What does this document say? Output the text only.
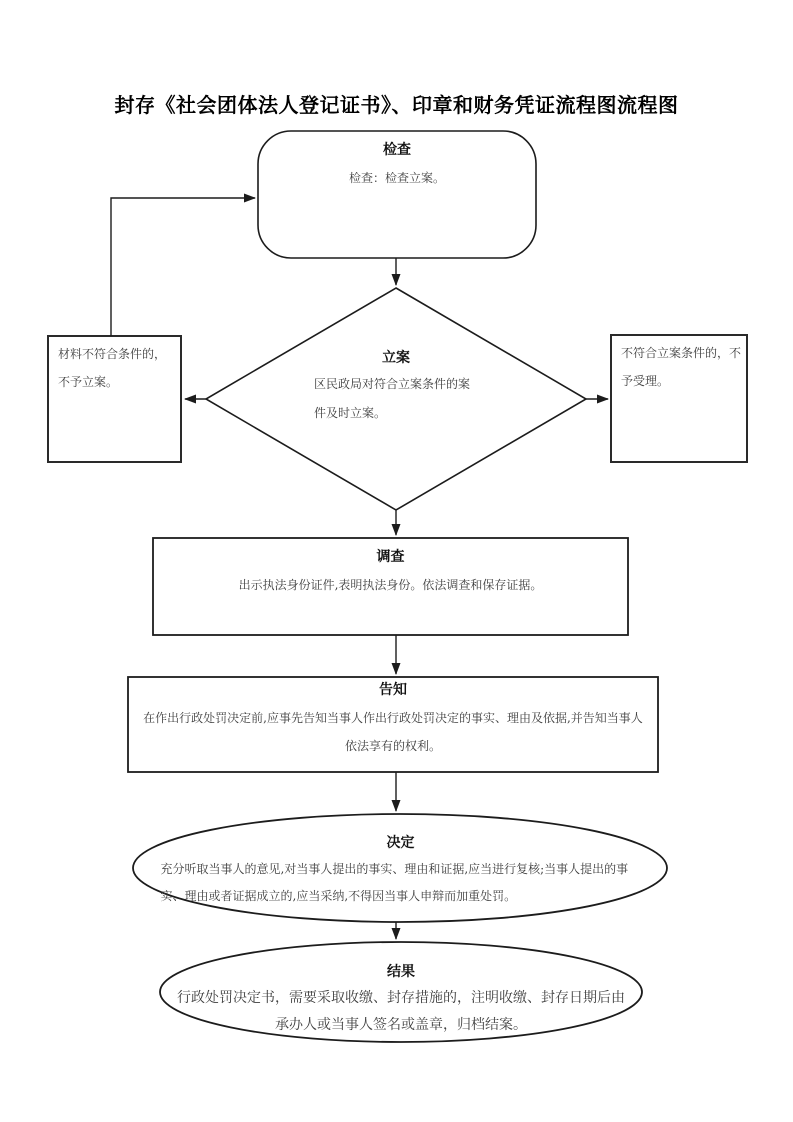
封存《社会团体法人登记证书》、印章和财务凭证流程图流程图
检查
检查：检查立案。
立案
区民政局对符合立案条件的案件及时立案。
材料不符合条件的，不予立案。
不符合立案条件的，不予受理。
调查
出示执法身份证件,表明执法身份。依法调查和保存证据。
告知
在作出行政处罚决定前,应事先告知当事人作出行政处罚决定的事实、理由及依据,并告知当事人依法享有的权利。
决定
充分听取当事人的意见,对当事人提出的事实、理由和证据,应当进行复核;当事人提出的事实、理由或者证据成立的,应当采纳,不得因当事人申辩而加重处罚。
结果
行政处罚决定书，需要采取收缴、封存措施的，注明收缴、封存日期后由承办人或当事人签名或盖章，归档结案。
